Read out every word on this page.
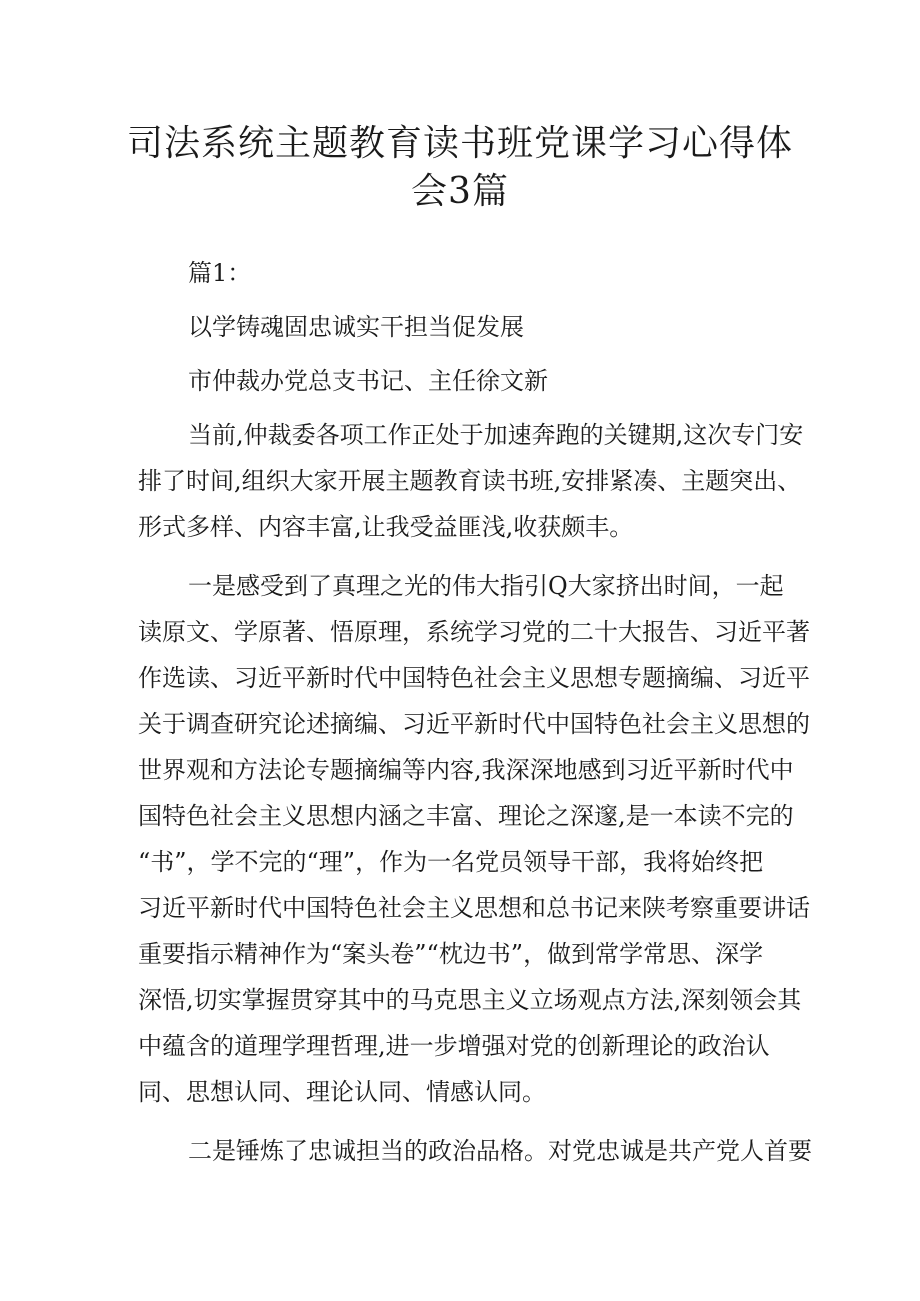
司法系统主题教育读书班党课学习心得体
会3篇

篇1：

以学铸魂固忠诚实干担当促发展

市仲裁办党总支书记、主任徐文新

当前,仲裁委各项工作正处于加速奔跑的关键期,这次专门安

排了时间,组织大家开展主题教育读书班,安排紧凑、主题突出、

形式多样、内容丰富,让我受益匪浅,收获颇丰。

一是感受到了真理之光的伟大指引Q大家挤出时间，一起

读原文、学原著、悟原理，系统学习党的二十大报告、习近平著

作选读、习近平新时代中国特色社会主义思想专题摘编、习近平

关于调查研究论述摘编、习近平新时代中国特色社会主义思想的

世界观和方法论专题摘编等内容,我深深地感到习近平新时代中

国特色社会主义思想内涵之丰富、理论之深邃,是一本读不完的

“书”，学不完的“理”，作为一名党员领导干部，我将始终把

习近平新时代中国特色社会主义思想和总书记来陕考察重要讲话

重要指示精神作为“案头卷”“枕边书”，做到常学常思、深学

深悟,切实掌握贯穿其中的马克思主义立场观点方法,深刻领会其

中蕴含的道理学理哲理,进一步增强对党的创新理论的政治认

同、思想认同、理论认同、情感认同。

二是锤炼了忠诚担当的政治品格。对党忠诚是共产党人首要
